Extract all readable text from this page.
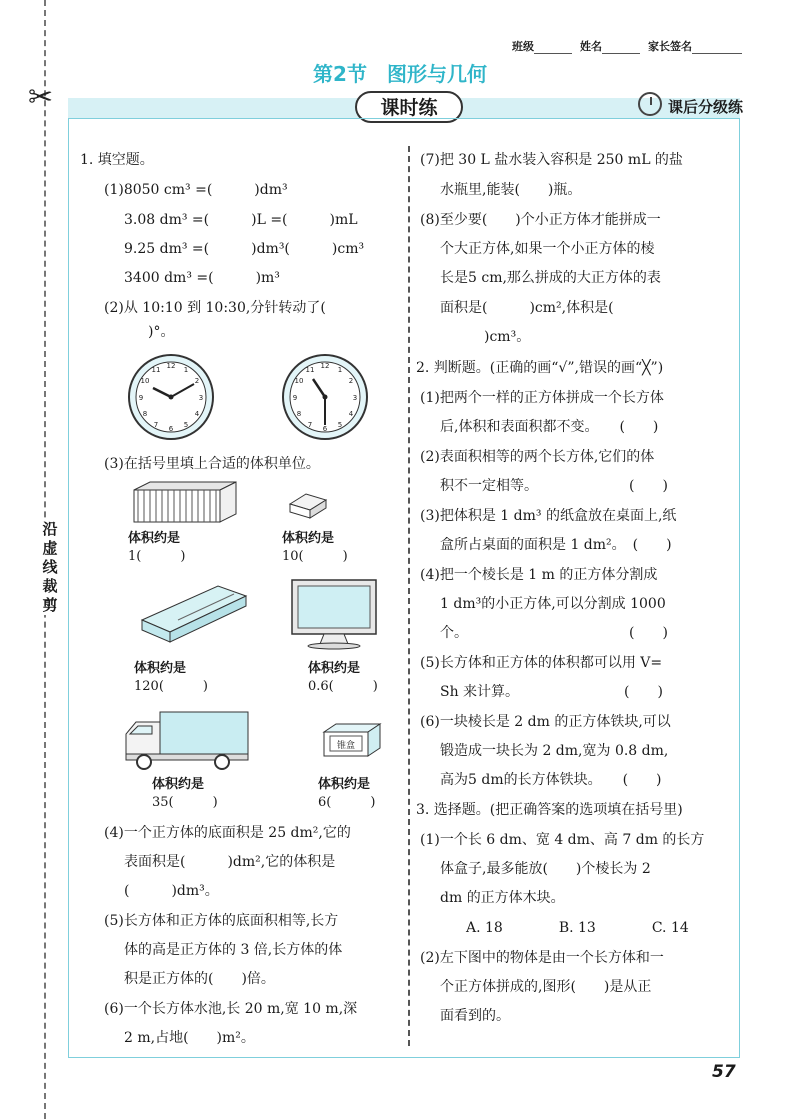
✂
沿
虚
线
裁
剪
班级	姓名	家长签名
第2节　图形与几何
课时练	课后分级练
1. 填空题。
(1)8050 cm³ =(　　　)dm³
3.08 dm³ =(　　　)L =(　　　)mL
9.25 dm³ =(　　　)dm³(　　　)cm³
3400 dm³ =(　　　)m³
(2)从 10:10 到 10:30,分针转动了(
)°。
12 1
2
3
4
5
6
7
8
9
10
11	12 1
2
3
4
5
6
7
8
9
10
11
(3)在括号里填上合适的体积单位。
体积约是
1(　　　)
体积约是
10(　　　)
体积约是
120(　　　)
体积约是
0.6(　　　)
锥盒
体积约是
35(　　　)
体积约是
6(　　　)
(4)一个正方体的底面积是 25 dm²,它的
表面积是(　　　)dm²,它的体积是
(　　　)dm³。
(5)长方体和正方体的底面积相等,长方
体的高是正方体的 3 倍,长方体的体
积是正方体的(　　)倍。
(6)一个长方体水池,长 20 m,宽 10 m,深
2 m,占地(　　)m²。
(7)把 30 L 盐水装入容积是 250 mL 的盐
水瓶里,能装(　　)瓶。
(8)至少要(　　)个小正方体才能拼成一
个大正方体,如果一个小正方体的棱
长是5 cm,那么拼成的大正方体的表
面积是(　　　)cm²,体积是(
)cm³。
2. 判断题。(正确的画“√”,错误的画“╳”)
(1)把两个一样的正方体拼成一个长方体
后,体积和表面积都不变。　　(　　)
(2)表面积相等的两个长方体,它们的体
积不一定相等。　　　　　　　(　　)
(3)把体积是 1 dm³ 的纸盒放在桌面上,纸
盒所占桌面的面积是 1 dm²。　(　　)
(4)把一个棱长是 1 m 的正方体分割成
1 dm³的小正方体,可以分割成 1000
个。　　　　　　　　　　　　(　　)
(5)长方体和正方体的体积都可以用 V=
Sh 来计算。　　　　　　　　(　　)
(6)一块棱长是 2 dm 的正方体铁块,可以
锻造成一块长为 2 dm,宽为 0.8 dm,
高为5 dm的长方体铁块。　　(　　)
3. 选择题。(把正确答案的选项填在括号里)
(1)一个长 6 dm、宽 4 dm、高 7 dm 的长方
体盒子,最多能放(　　)个棱长为 2
dm 的正方体木块。
A. 18　　　　B. 13　　　　C. 14
(2)左下图中的物体是由一个长方体和一
个正方体拼成的,图形(　　)是从正
面看到的。
57
